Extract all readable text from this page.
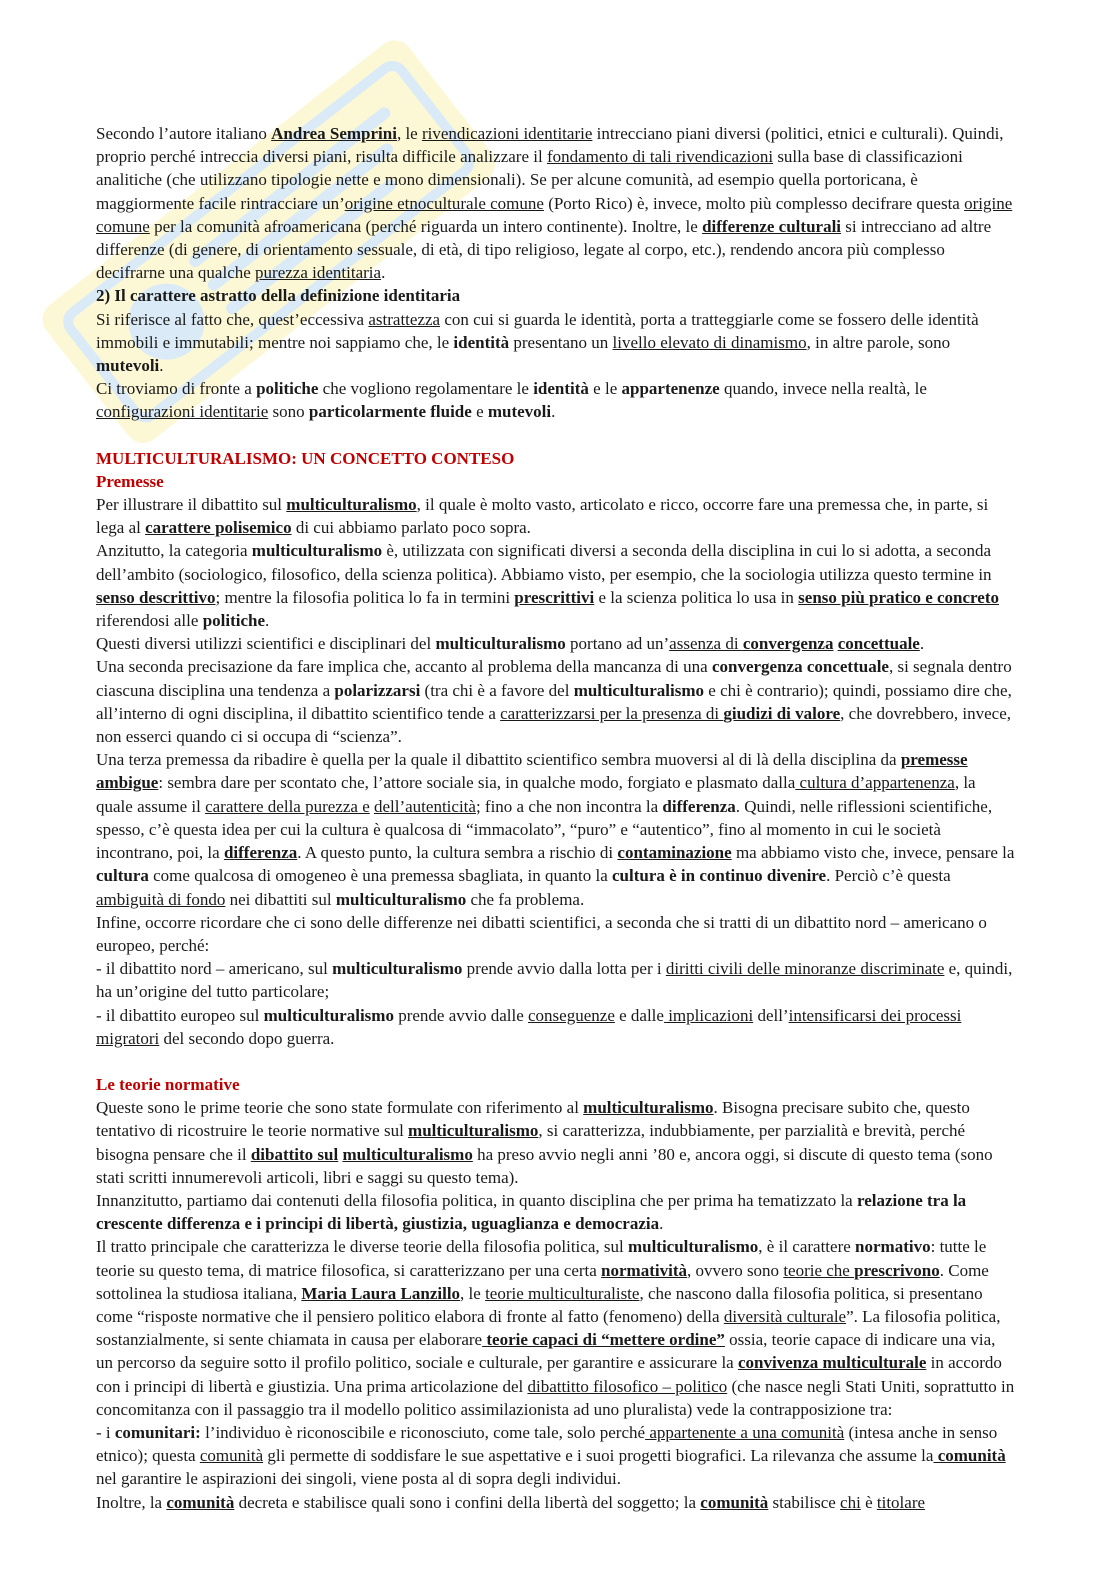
Secondo l’autore italiano Andrea Semprini, le rivendicazioni identitarie intrecciano piani diversi (politici, etnici e culturali). Quindi, proprio perché intreccia diversi piani, risulta difficile analizzare il fondamento di tali rivendicazioni sulla base di classificazioni analitiche (che utilizzano tipologie nette e mono dimensionali). Se per alcune comunità, ad esempio quella portoricana, è maggiormente facile rintracciare un’origine etnoculturale comune (Porto Rico) è, invece, molto più complesso decifrare questa origine comune per la comunità afroamericana (perché riguarda un intero continente). Inoltre, le differenze culturali si intrecciano ad altre differenze (di genere, di orientamento sessuale, di età, di tipo religioso, legate al corpo, etc.), rendendo ancora più complesso decifrarne una qualche purezza identitaria.

2) Il carattere astratto della definizione identitaria

Si riferisce al fatto che, quest’eccessiva astrattezza con cui si guarda le identità, porta a tratteggiarle come se fossero delle identità immobili e immutabili; mentre noi sappiamo che, le identità presentano un livello elevato di dinamismo, in altre parole, sono mutevoli.

Ci troviamo di fronte a politiche che vogliono regolamentare le identità e le appartenenze quando, invece nella realtà, le configurazioni identitarie sono particolarmente fluide e mutevoli.

MULTICULTURALISMO: UN CONCETTO CONTESO

Premesse

Per illustrare il dibattito sul multiculturalismo, il quale è molto vasto, articolato e ricco, occorre fare una premessa che, in parte, si lega al carattere polisemico di cui abbiamo parlato poco sopra.

Anzitutto, la categoria multiculturalismo è, utilizzata con significati diversi a seconda della disciplina in cui lo si adotta, a seconda dell’ambito (sociologico, filosofico, della scienza politica). Abbiamo visto, per esempio, che la sociologia utilizza questo termine in senso descrittivo; mentre la filosofia politica lo fa in termini prescrittivi e la scienza politica lo usa in senso più pratico e concreto riferendosi alle politiche.

Questi diversi utilizzi scientifici e disciplinari del multiculturalismo portano ad un’assenza di convergenza concettuale.

Una seconda precisazione da fare implica che, accanto al problema della mancanza di una convergenza concettuale, si segnala dentro ciascuna disciplina una tendenza a polarizzarsi (tra chi è a favore del multiculturalismo e chi è contrario); quindi, possiamo dire che, all’interno di ogni disciplina, il dibattito scientifico tende a caratterizzarsi per la presenza di giudizi di valore, che dovrebbero, invece, non esserci quando ci si occupa di “scienza”.

Una terza premessa da ribadire è quella per la quale il dibattito scientifico sembra muoversi al di là della disciplina da premesse ambigue: sembra dare per scontato che, l’attore sociale sia, in qualche modo, forgiato e plasmato dalla cultura d’appartenenza, la quale assume il carattere della purezza e dell’autenticità; fino a che non incontra la differenza. Quindi, nelle riflessioni scientifiche, spesso, c’è questa idea per cui la cultura è qualcosa di “immacolato”, “puro” e “autentico”, fino al momento in cui le società incontrano, poi, la differenza. A questo punto, la cultura sembra a rischio di contaminazione ma abbiamo visto che, invece, pensare la cultura come qualcosa di omogeneo è una premessa sbagliata, in quanto la cultura è in continuo divenire. Perciò c’è questa ambiguità di fondo nei dibattiti sul multiculturalismo che fa problema.

Infine, occorre ricordare che ci sono delle differenze nei dibatti scientifici, a seconda che si tratti di un dibattito nord – americano o europeo, perché:

- il dibattito nord – americano, sul multiculturalismo prende avvio dalla lotta per i diritti civili delle minoranze discriminate e, quindi, ha un’origine del tutto particolare;

- il dibattito europeo sul multiculturalismo prende avvio dalle conseguenze e dalle implicazioni dell’intensificarsi dei processi migratori del secondo dopo guerra.

Le teorie normative

Queste sono le prime teorie che sono state formulate con riferimento al multiculturalismo. Bisogna precisare subito che, questo tentativo di ricostruire le teorie normative sul multiculturalismo, si caratterizza, indubbiamente, per parzialità e brevità, perché bisogna pensare che il dibattito sul multiculturalismo ha preso avvio negli anni ’80 e, ancora oggi, si discute di questo tema (sono stati scritti innumerevoli articoli, libri e saggi su questo tema).

Innanzitutto, partiamo dai contenuti della filosofia politica, in quanto disciplina che per prima ha tematizzato la relazione tra la crescente differenza e i principi di libertà, giustizia, uguaglianza e democrazia.

Il tratto principale che caratterizza le diverse teorie della filosofia politica, sul multiculturalismo, è il carattere normativo: tutte le teorie su questo tema, di matrice filosofica, si caratterizzano per una certa normatività, ovvero sono teorie che prescrivono. Come sottolinea la studiosa italiana, Maria Laura Lanzillo, le teorie multiculturaliste, che nascono dalla filosofia politica, si presentano come “risposte normative che il pensiero politico elabora di fronte al fatto (fenomeno) della diversità culturale”. La filosofia politica, sostanzialmente, si sente chiamata in causa per elaborare teorie capaci di “mettere ordine” ossia, teorie capace di indicare una via, un percorso da seguire sotto il profilo politico, sociale e culturale, per garantire e assicurare la convivenza multiculturale in accordo con i principi di libertà e giustizia. Una prima articolazione del dibattitto filosofico – politico (che nasce negli Stati Uniti, soprattutto in concomitanza con il passaggio tra il modello politico assimilazionista ad uno pluralista) vede la contrapposizione tra:

- i comunitari: l’individuo è riconoscibile e riconosciuto, come tale, solo perché appartenente a una comunità (intesa anche in senso etnico); questa comunità gli permette di soddisfare le sue aspettative e i suoi progetti biografici. La rilevanza che assume la comunità nel garantire le aspirazioni dei singoli, viene posta al di sopra degli individui.

Inoltre, la comunità decreta e stabilisce quali sono i confini della libertà del soggetto; la comunità stabilisce chi è titolare
